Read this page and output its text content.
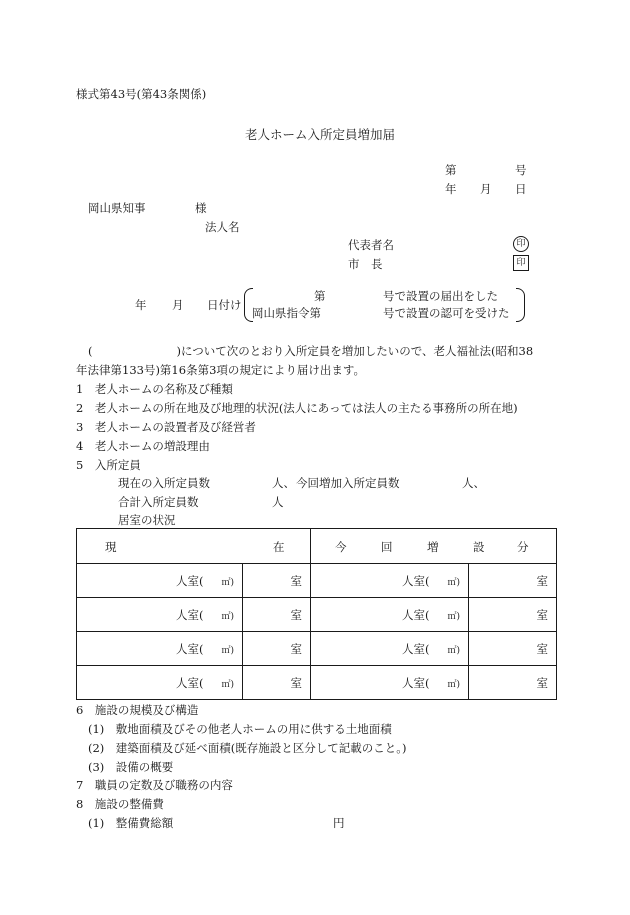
様式第43号(第43条関係)
老人ホーム入所定員増加届
第	号
年 月 日
岡山県知事	様
法人名
代表者名	印
市　長	印
年 月 日付け
第	号で設置の届出をした
岡山県指令第	号で設置の認可を受けた
(	)について次のとおり入所定員を増加したいので、老人福祉法(昭和38
年法律第133号)第16条第3項の規定により届け出ます。
1　老人ホームの名称及び種類
2　老人ホームの所在地及び地理的状況(法人にあっては法人の主たる事務所の所在地)
3　老人ホームの設置者及び経営者
4　老人ホームの増設理由
5　入所定員
現在の入所定員数	人、 今回増加入所定員数	人、
合計入所定員数	人
居室の状況
現 在		今 回 増 設 分	

人室( ㎡)	室	人室( ㎡)	室
人室( ㎡)	室	人室( ㎡)	室
人室( ㎡)	室	人室( ㎡)	室
人室( ㎡)	室	人室( ㎡)	室
6　施設の規模及び構造
(1)　敷地面積及びその他老人ホームの用に供する土地面積
(2)　建築面積及び延べ面積(既存施設と区分して記載のこと。)
(3)　設備の概要
7　職員の定数及び職務の内容
8　施設の整備費
(1)　整備費総額	円
